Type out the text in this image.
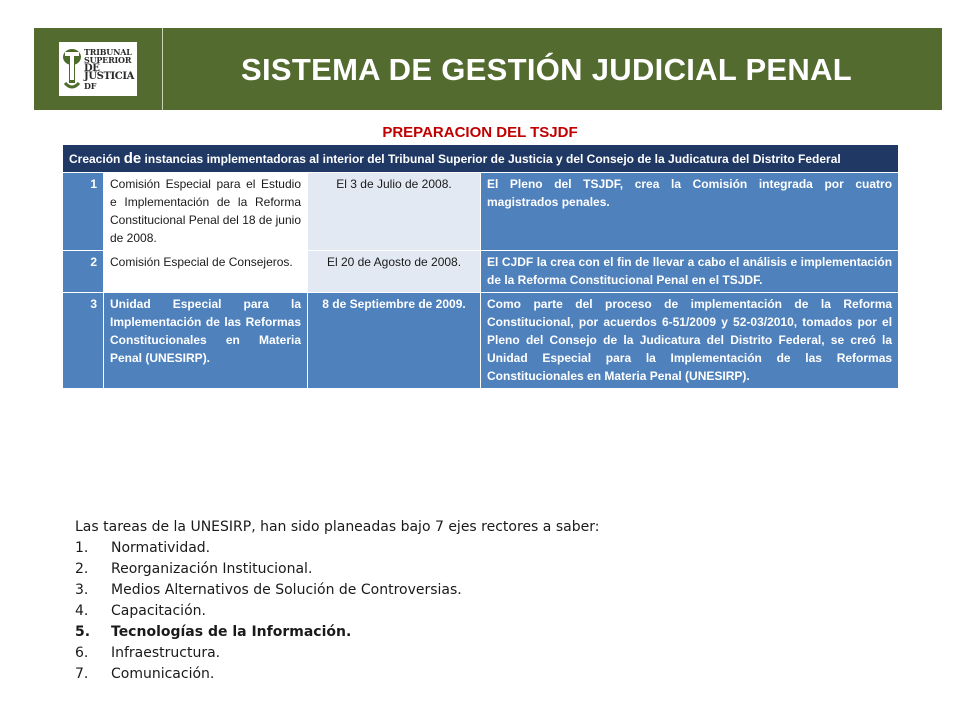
TRIBUNAL
SUPERIOR
DE JUSTICIA
DF	SISTEMA DE GESTIÓN JUDICIAL PENAL
PREPARACION DEL TSJDF
Creación de instancias implementadoras al interior del Tribunal Superior de Justicia y del Consejo de la Judicatura del Distrito Federal			
1	Comisión Especial para el Estudio e Implementación de la Reforma Constitucional Penal del 18 de junio de 2008.	El 3 de Julio de 2008.	El Pleno del TSJDF, crea la Comisión integrada por cuatro magistrados penales.
2	Comisión Especial de Consejeros.	El 20 de Agosto de 2008.	El CJDF la crea con el fin de llevar a cabo el análisis e implementación de la Reforma Constitucional Penal en el TSJDF.
3	Unidad Especial para la Implementación de las Reformas Constitucionales en Materia Penal (UNESIRP).	8 de Septiembre de 2009.	Como parte del proceso de implementación de la Reforma Constitucional, por acuerdos 6-51/2009 y 52-03/2010, tomados por el Pleno del Consejo de la Judicatura del Distrito Federal, se creó la Unidad Especial para la Implementación de las Reformas Constitucionales en Materia Penal (UNESIRP).
Las tareas de la UNESIRP, han sido planeadas bajo 7 ejes rectores a saber:
1.	Normatividad.
2.	Reorganización Institucional.
3.	Medios Alternativos de Solución de Controversias.
4.	Capacitación.
5.	Tecnologías de la Información.
6.	Infraestructura.
7.	Comunicación.
